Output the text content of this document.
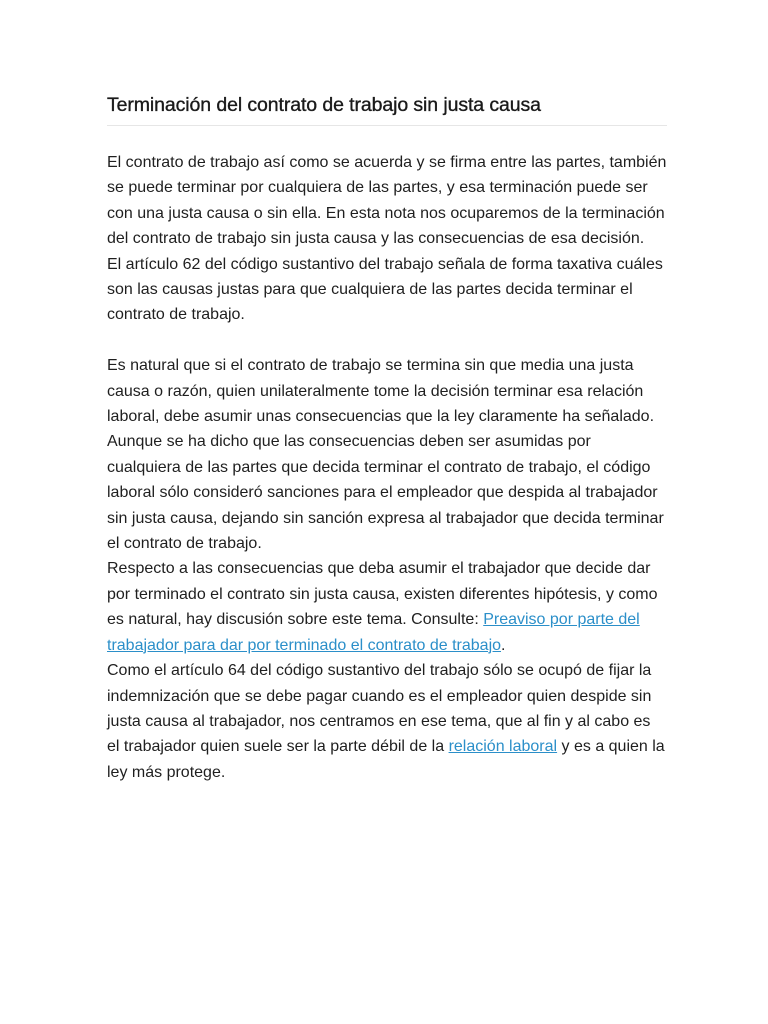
Terminación del contrato de trabajo sin justa causa

El contrato de trabajo así como se acuerda y se firma entre las partes, también se puede terminar por cualquiera de las partes, y esa terminación puede ser con una justa causa o sin ella. En esta nota nos ocuparemos de la terminación del contrato de trabajo sin justa causa y las consecuencias de esa decisión.

El artículo 62 del código sustantivo del trabajo señala de forma taxativa cuáles son las causas justas para que cualquiera de las partes decida terminar el contrato de trabajo.

Es natural que si el contrato de trabajo se termina sin que media una justa causa o razón, quien unilateralmente tome la decisión terminar esa relación laboral, debe asumir unas consecuencias que la ley claramente ha señalado.

Aunque se ha dicho que las consecuencias deben ser asumidas por cualquiera de las partes que decida terminar el contrato de trabajo, el código laboral sólo consideró sanciones para el empleador que despida al trabajador sin justa causa, dejando sin sanción expresa al trabajador que decida terminar el contrato de trabajo.

Respecto a las consecuencias que deba asumir el trabajador que decide dar por terminado el contrato sin justa causa, existen diferentes hipótesis, y como es natural, hay discusión sobre este tema. Consulte: Preaviso por parte del trabajador para dar por terminado el contrato de trabajo.

Como el artículo 64 del código sustantivo del trabajo sólo se ocupó de fijar la indemnización que se debe pagar cuando es el empleador quien despide sin justa causa al trabajador, nos centramos en ese tema, que al fin y al cabo es el trabajador quien suele ser la parte débil de la relación laboral y es a quien la ley más protege.
